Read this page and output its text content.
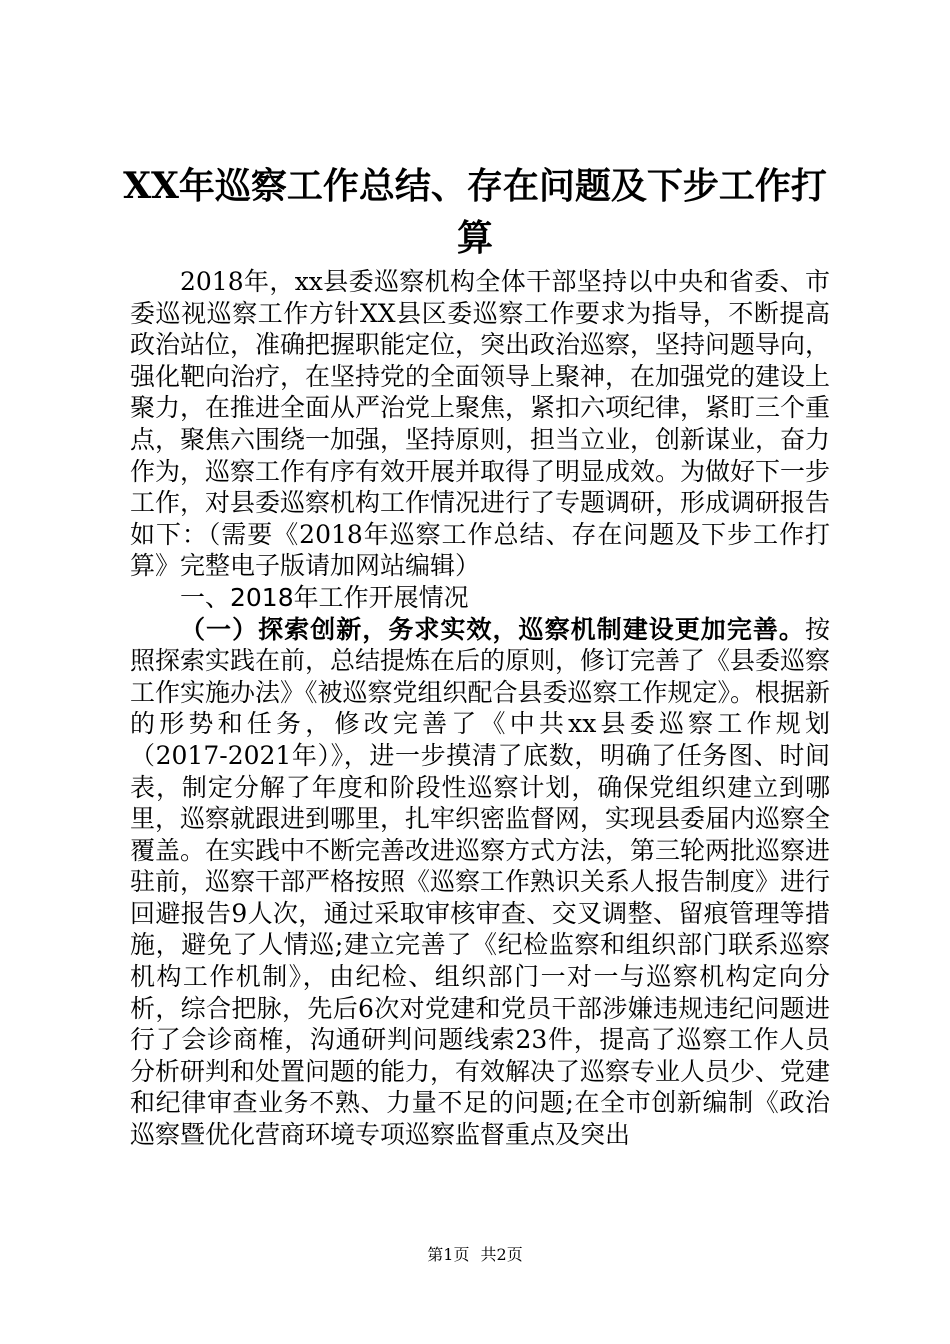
XX年巡察工作总结、存在问题及下步工作打
算

2018年，xx县委巡察机构全体干部坚持以中央和省委、市委巡视巡察工作方针XX县区委巡察工作要求为指导，不断提高政治站位，准确把握职能定位，突出政治巡察，坚持问题导向，强化靶向治疗，在坚持党的全面领导上聚神，在加强党的建设上聚力，在推进全面从严治党上聚焦，紧扣六项纪律，紧盯三个重点，聚焦六围绕一加强，坚持原则，担当立业，创新谋业，奋力作为，巡察工作有序有效开展并取得了明显成效。为做好下一步工作，对县委巡察机构工作情况进行了专题调研，形成调研报告如下：（需要《2018年巡察工作总结、存在问题及下步工作打算》完整电子版请加网站编辑）

一、2018年工作开展情况

（一）探索创新，务求实效，巡察机制建设更加完善。按照探索实践在前，总结提炼在后的原则，修订完善了《县委巡察工作实施办法》《被巡察党组织配合县委巡察工作规定》。根据新的形势和任务，修改完善了《中共xx县委巡察工作规划（2017-2021年）》，进一步摸清了底数，明确了任务图、时间表，制定分解了年度和阶段性巡察计划，确保党组织建立到哪里，巡察就跟进到哪里，扎牢织密监督网，实现县委届内巡察全覆盖。在实践中不断完善改进巡察方式方法，第三轮两批巡察进驻前，巡察干部严格按照《巡察工作熟识关系人报告制度》进行回避报告9人次，通过采取审核审查、交叉调整、留痕管理等措施，避免了人情巡;建立完善了《纪检监察和组织部门联系巡察机构工作机制》，由纪检、组织部门一对一与巡察机构定向分析，综合把脉，先后6次对党建和党员干部涉嫌违规违纪问题进行了会诊商榷，沟通研判问题线索23件，提高了巡察工作人员分析研判和处置问题的能力，有效解决了巡察专业人员少、党建和纪律审查业务不熟、力量不足的问题;在全市创新编制《政治巡察暨优化营商环境专项巡察监督重点及突出

第1页 共2页
